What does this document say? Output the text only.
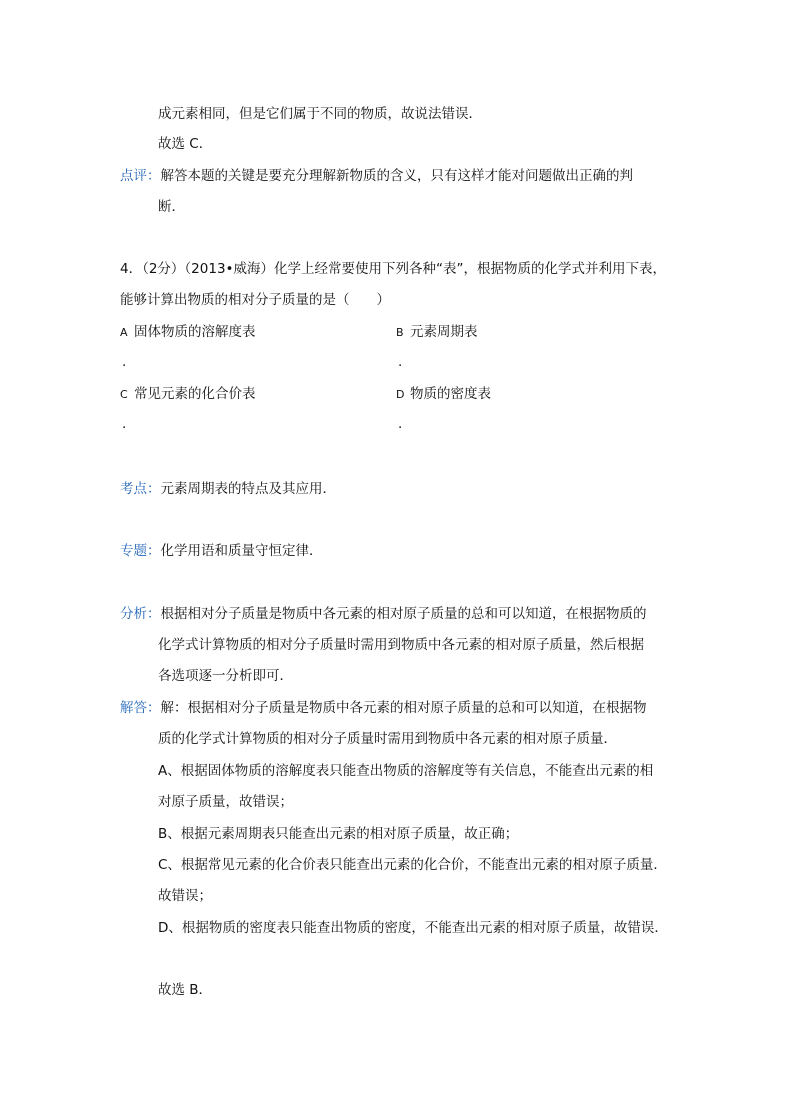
成元素相同，但是它们属于不同的物质，故说法错误．
故选 C．
点评：解答本题的关键是要充分理解新物质的含义，只有这样才能对问题做出正确的判
断．
4．（2分）（2013•威海）化学上经常要使用下列各种“表”，根据物质的化学式并利用下表，
能够计算出物质的相对分子质量的是（　　）
A 固体物质的溶解度表
.
B 元素周期表
.
C 常见元素的化合价表
.
D 物质的密度表
.
考点：元素周期表的特点及其应用．
专题：化学用语和质量守恒定律．
分析：根据相对分子质量是物质中各元素的相对原子质量的总和可以知道，在根据物质的
化学式计算物质的相对分子质量时需用到物质中各元素的相对原子质量，然后根据
各选项逐一分析即可．
解答：解：根据相对分子质量是物质中各元素的相对原子质量的总和可以知道，在根据物
质的化学式计算物质的相对分子质量时需用到物质中各元素的相对原子质量．
A、根据固体物质的溶解度表只能查出物质的溶解度等有关信息，不能查出元素的相
对原子质量，故错误；
B、根据元素周期表只能查出元素的相对原子质量，故正确；
C、根据常见元素的化合价表只能查出元素的化合价，不能查出元素的相对原子质量．
故错误；
D、根据物质的密度表只能查出物质的密度，不能查出元素的相对原子质量，故错误．
故选 B．
